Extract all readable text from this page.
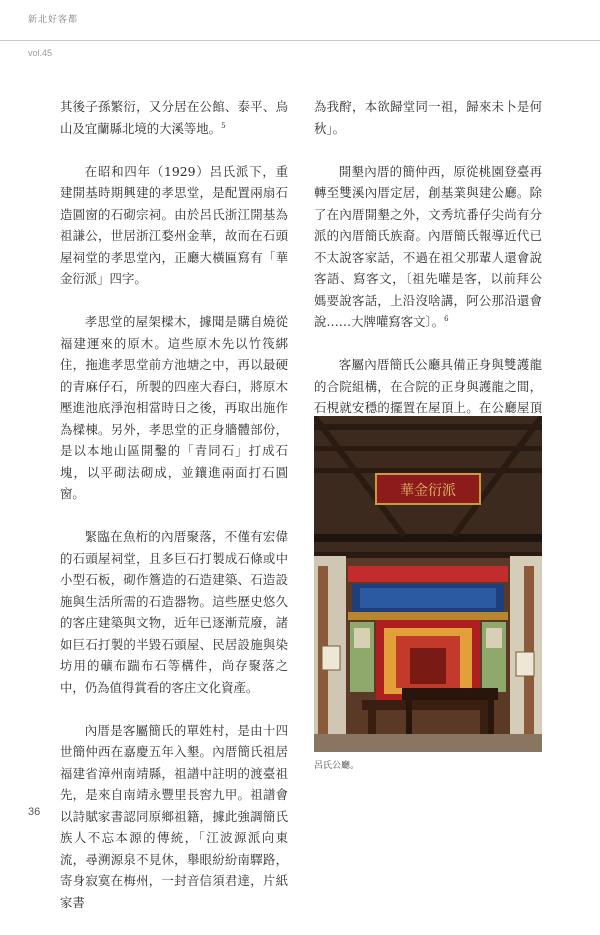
新北好客都
vol.45

其後子孫繁衍，又分居在公館、泰平、烏山及宜蘭縣北境的大溪等地。$^5$

在昭和四年（1929）呂氏派下，重建開基時期興建的孝思堂，是配置兩扇石造圓窗的石砌宗祠。由於呂氏浙江開基為祖謙公，世居浙江婺州金華，故而在石頭屋祠堂的孝思堂內，正廳大橫匾寫有「華金衍派」四字。

孝思堂的屋架樑木，據聞是購自燒從福建運來的原木。這些原木先以竹筏綁住，拖進孝思堂前方池塘之中，再以最硬的青麻仔石，所製的四座大舂臼，將原木壓進池底淨泡相當時日之後，再取出施作為樑棟。另外，孝思堂的正身牆體部份，是以本地山區開鑿的「青同石」打成石塊，以平砌法砌成，並鑲進兩面打石圓窗。

緊臨在魚桁的內厝聚落，不僅有宏偉的石頭屋祠堂，且多巨石打製成石條或中小型石板，砌作簷造的石造建築、石造設施與生活所需的石造器物。這些歷史悠久的客庄建築與文物，近年已逐漸荒廢，諸如巨石打製的半毀石頭屋、民居設施與染坊用的礦布踹布石等構件，尚存聚落之中，仍為值得賞看的客庄文化資產。

內厝是客屬簡氏的單姓村，是由十四世簡仲西在嘉慶五年入墾。內厝簡氏祖居福建省漳州南靖縣，祖譜中註明的渡臺祖先，是來自南靖永豐里長窖九甲。祖譜會以詩賦家書認同原鄉祖籍，據此強調簡氏族人不忘本源的傳統，「江波源派向東流，尋溯源泉不見休，舉眼紛紛南驛路，寄身寂寞在梅州，一封音信須君達，片紙家書

為我酧，本欲歸堂同一祖，歸來未卜是何秋」。

開墾內厝的簡仲西，原從桃園登臺再轉至雙溪內厝定居，創基業與建公廳。除了在內厝開墾之外，文秀坑番仔尖尚有分派的內厝簡氏族裔。內厝簡氏報導近代已不太說客家話，不過在祖父那輩人還會說客語、寫客文，〔祖先嚾是客，以前拜公媽要說客話，上沿沒啥講，阿公那沿還會說……大牌嚾寫客文〕。$^6$

客屬內厝簡氏公廳具備正身與雙護龍的合院組構，在合院的正身與護龍之間，石梘就安穩的擺置在屋頂上。在公廳屋頂

華金衍派
呂氏公廳。
36
